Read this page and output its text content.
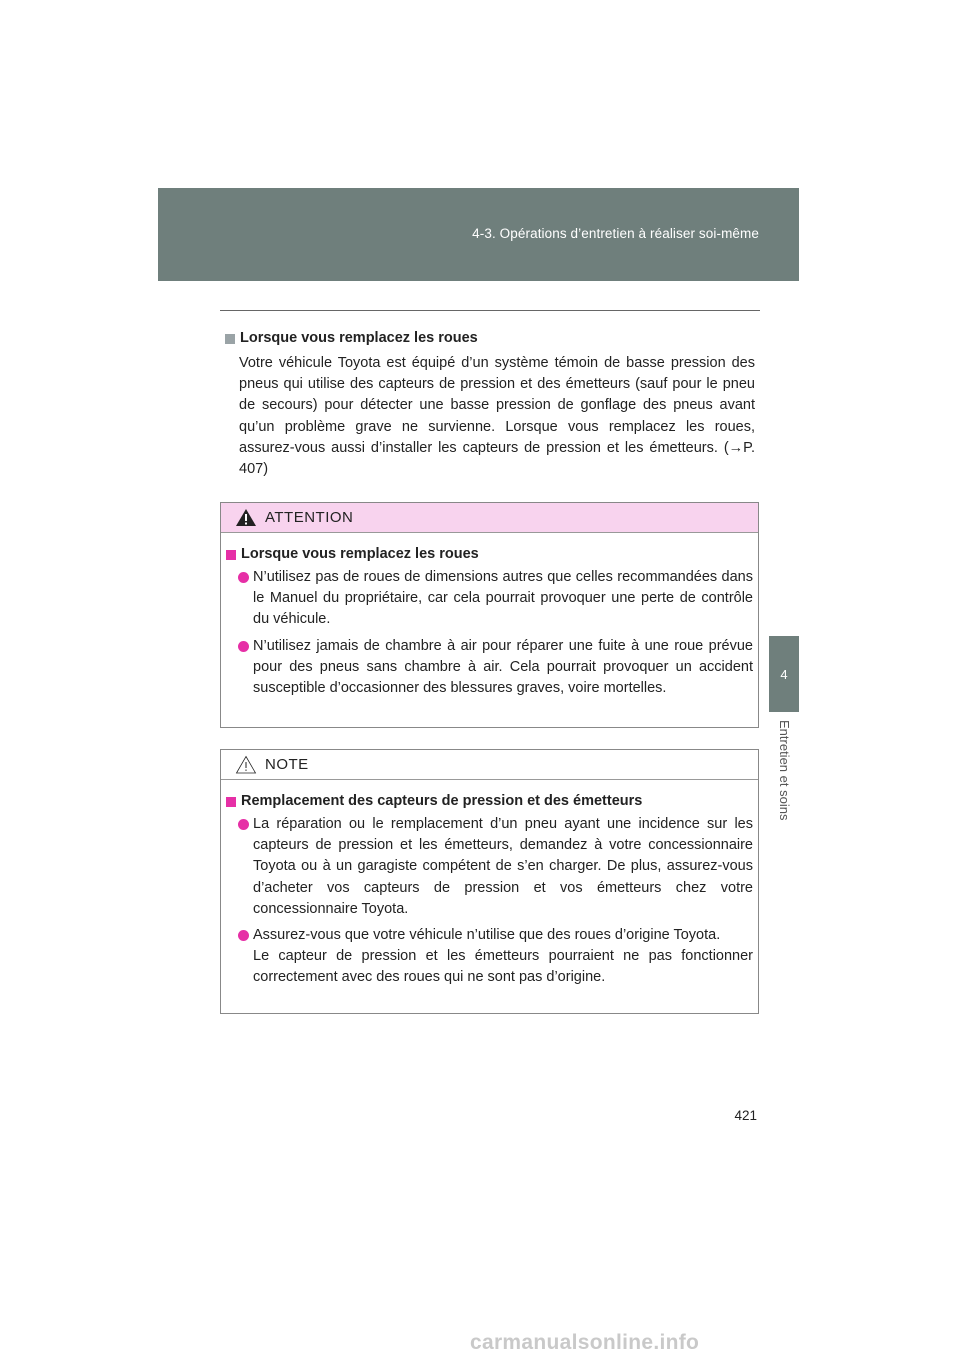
4-3. Opérations d’entretien à réaliser soi-même
4
Entretien et soins
Lorsque vous remplacez les roues
Votre véhicule Toyota est équipé d’un système témoin de basse pression des pneus qui utilise des capteurs de pression et des émetteurs (sauf pour le pneu de secours) pour détecter une basse pression de gonflage des pneus avant qu’un problème grave ne survienne. Lorsque vous remplacez les roues, assurez-vous aussi d’installer les capteurs de pression et les émetteurs. (→P. 407)
ATTENTION
Lorsque vous remplacez les roues
N’utilisez pas de roues de dimensions autres que celles recommandées dans le Manuel du propriétaire, car cela pourrait provoquer une perte de contrôle du véhicule.
N’utilisez jamais de chambre à air pour réparer une fuite à une roue prévue pour des pneus sans chambre à air. Cela pourrait provoquer un accident susceptible d’occasionner des blessures graves, voire mortelles.
NOTE
Remplacement des capteurs de pression et des émetteurs
La réparation ou le remplacement d’un pneu ayant une incidence sur les capteurs de pression et les émetteurs, demandez à votre concessionnaire Toyota ou à un garagiste compétent de s’en charger. De plus, assurez-vous d’acheter vos capteurs de pression et vos émetteurs chez votre concessionnaire Toyota.
Assurez-vous que votre véhicule n’utilise que des roues d’origine Toyota.
Le capteur de pression et les émetteurs pourraient ne pas fonctionner correctement avec des roues qui ne sont pas d’origine.
421
carmanualsonline.info
